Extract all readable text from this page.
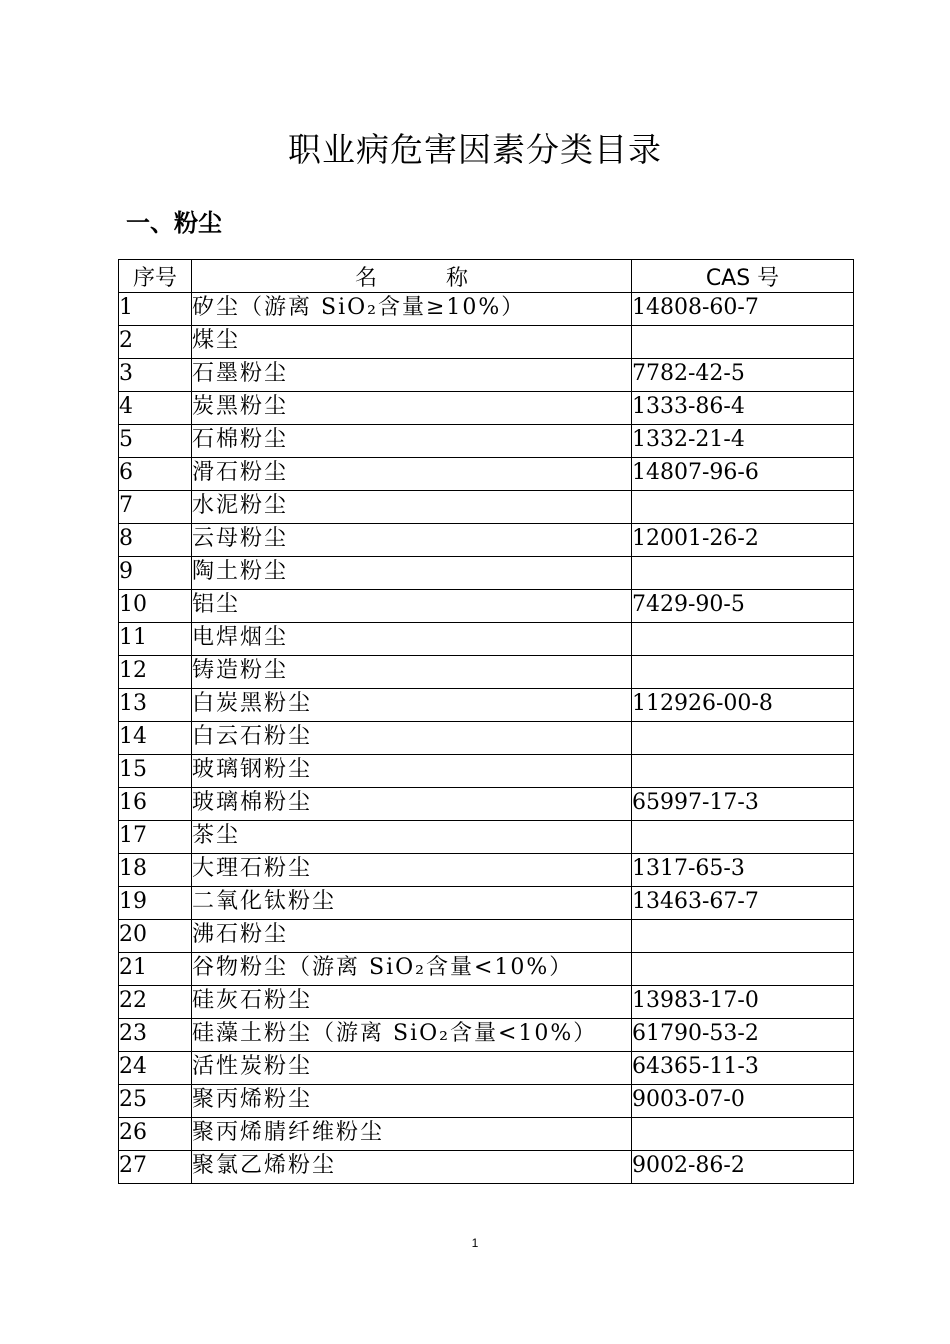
职业病危害因素分类目录
一、粉尘
序号	名 称	CAS 号
1	矽尘（游离 SiO₂含量≥10%）	14808-60-7
2	煤尘	
3	石墨粉尘	7782-42-5
4	炭黑粉尘	1333-86-4
5	石棉粉尘	1332-21-4
6	滑石粉尘	14807-96-6
7	水泥粉尘	
8	云母粉尘	12001-26-2
9	陶土粉尘	
10	铝尘	7429-90-5
11	电焊烟尘	
12	铸造粉尘	
13	白炭黑粉尘	112926-00-8
14	白云石粉尘	
15	玻璃钢粉尘	
16	玻璃棉粉尘	65997-17-3
17	茶尘	
18	大理石粉尘	1317-65-3
19	二氧化钛粉尘	13463-67-7
20	沸石粉尘	
21	谷物粉尘（游离 SiO₂含量<10%）	
22	硅灰石粉尘	13983-17-0
23	硅藻土粉尘（游离 SiO₂含量<10%）	61790-53-2
24	活性炭粉尘	64365-11-3
25	聚丙烯粉尘	9003-07-0
26	聚丙烯腈纤维粉尘	
27	聚氯乙烯粉尘	9002-86-2
1
